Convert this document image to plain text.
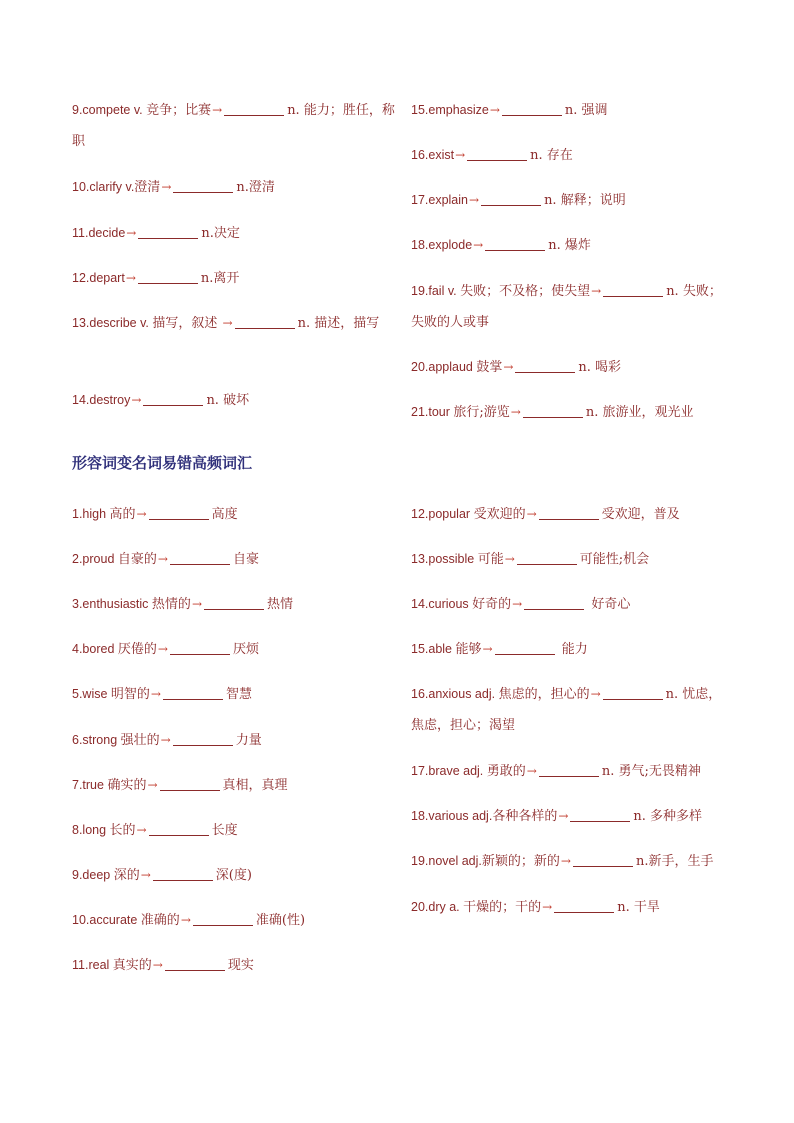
9.compete v. 竞争；比赛→	n. 能力；胜任，称职
10.clarify v.澄清→	n.澄清
11.decide→	n.决定
12.depart→	n.离开
13.describe v. 描写，叙述 →	n. 描述，描写
14.destroy→	n. 破坏
15.emphasize→	n. 强调
16.exist→	n. 存在
17.explain→	n. 解释；说明
18.explode→	n. 爆炸
19.fail v. 失败；不及格；使失望→	n. 失败；失败的人或事
20.applaud 鼓掌→	n. 喝彩
21.tour 旅行;游览→	n. 旅游业，观光业
形容词变名词易错高频词汇
1.high 高的→	高度
2.proud 自豪的→	自豪
3.enthusiastic 热情的→	热情
4.bored 厌倦的→	厌烦
5.wise 明智的→	智慧
6.strong 强壮的→	力量
7.true 确实的→	真相，真理
8.long 长的→	长度
9.deep 深的→	深(度)
10.accurate 准确的→	准确(性)
11.real 真实的→	现实
12.popular 受欢迎的→	受欢迎，普及
13.possible 可能→	可能性;机会
14.curious 好奇的→	好奇心
15.able 能够→	能力
16.anxious adj. 焦虑的，担心的→	n. 忧虑，焦虑，担心；渴望
17.brave adj. 勇敢的→	n. 勇气;无畏精神
18.various adj.各种各样的→	n. 多种多样
19.novel adj.新颖的；新的→	n.新手，生手
20.dry a. 干燥的；干的→	n. 干旱
